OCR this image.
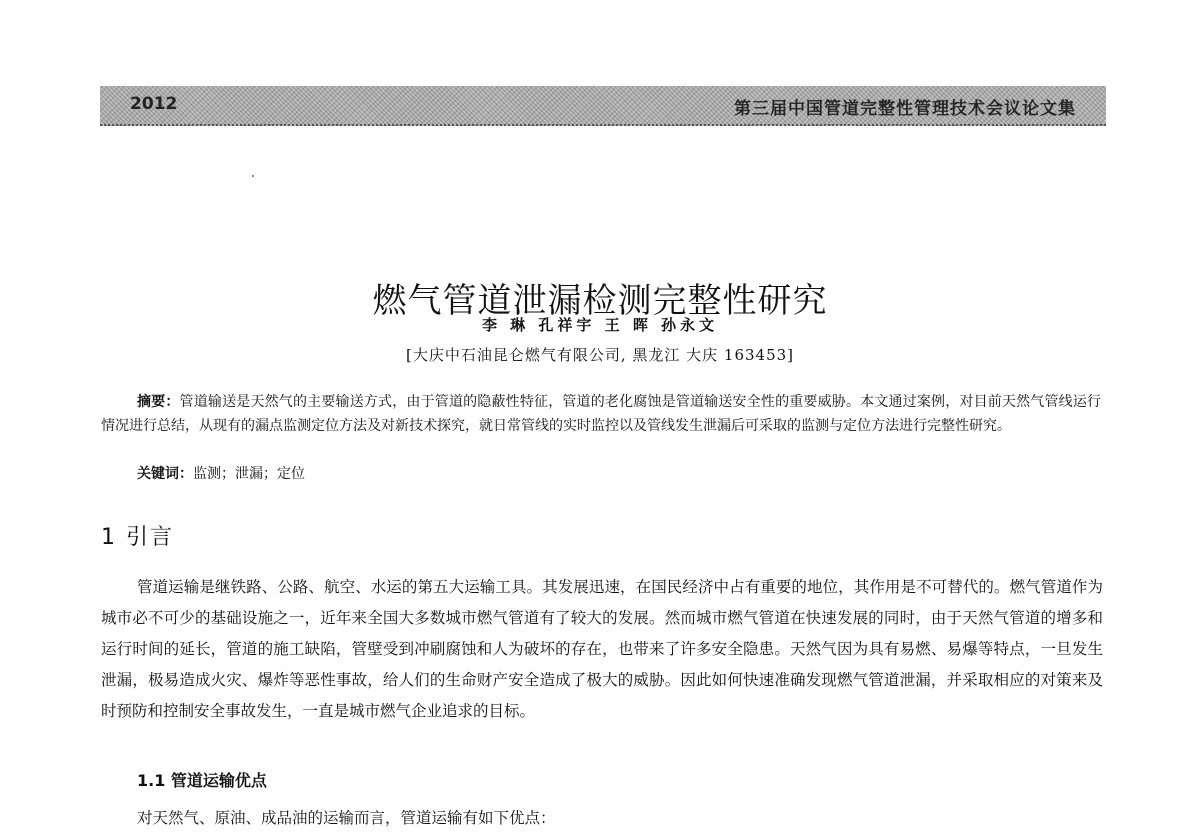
2012	第三届中国管道完整性管理技术会议论文集
燃气管道泄漏检测完整性研究
李 琳 孔祥宇 王 晖 孙永文
[大庆中石油昆仑燃气有限公司, 黑龙江 大庆 163453]

摘要：管道输送是天然气的主要输送方式，由于管道的隐蔽性特征，管道的老化腐蚀是管道输送安全性的重要威胁。本文通过案例，对目前天然气管线运行情况进行总结，从现有的漏点监测定位方法及对新技术探究，就日常管线的实时监控以及管线发生泄漏后可采取的监测与定位方法进行完整性研究。

关键词：监测；泄漏；定位

1 引言

管道运输是继铁路、公路、航空、水运的第五大运输工具。其发展迅速，在国民经济中占有重要的地位，其作用是不可替代的。燃气管道作为城市必不可少的基础设施之一，近年来全国大多数城市燃气管道有了较大的发展。然而城市燃气管道在快速发展的同时，由于天然气管道的增多和运行时间的延长，管道的施工缺陷，管壁受到冲刷腐蚀和人为破坏的存在，也带来了许多安全隐患。天然气因为具有易燃、易爆等特点，一旦发生泄漏，极易造成火灾、爆炸等恶性事故，给人们的生命财产安全造成了极大的威胁。因此如何快速准确发现燃气管道泄漏，并采取相应的对策来及时预防和控制安全事故发生，一直是城市燃气企业追求的目标。

1.1 管道运输优点

对天然气、原油、成品油的运输而言，管道运输有如下优点：
